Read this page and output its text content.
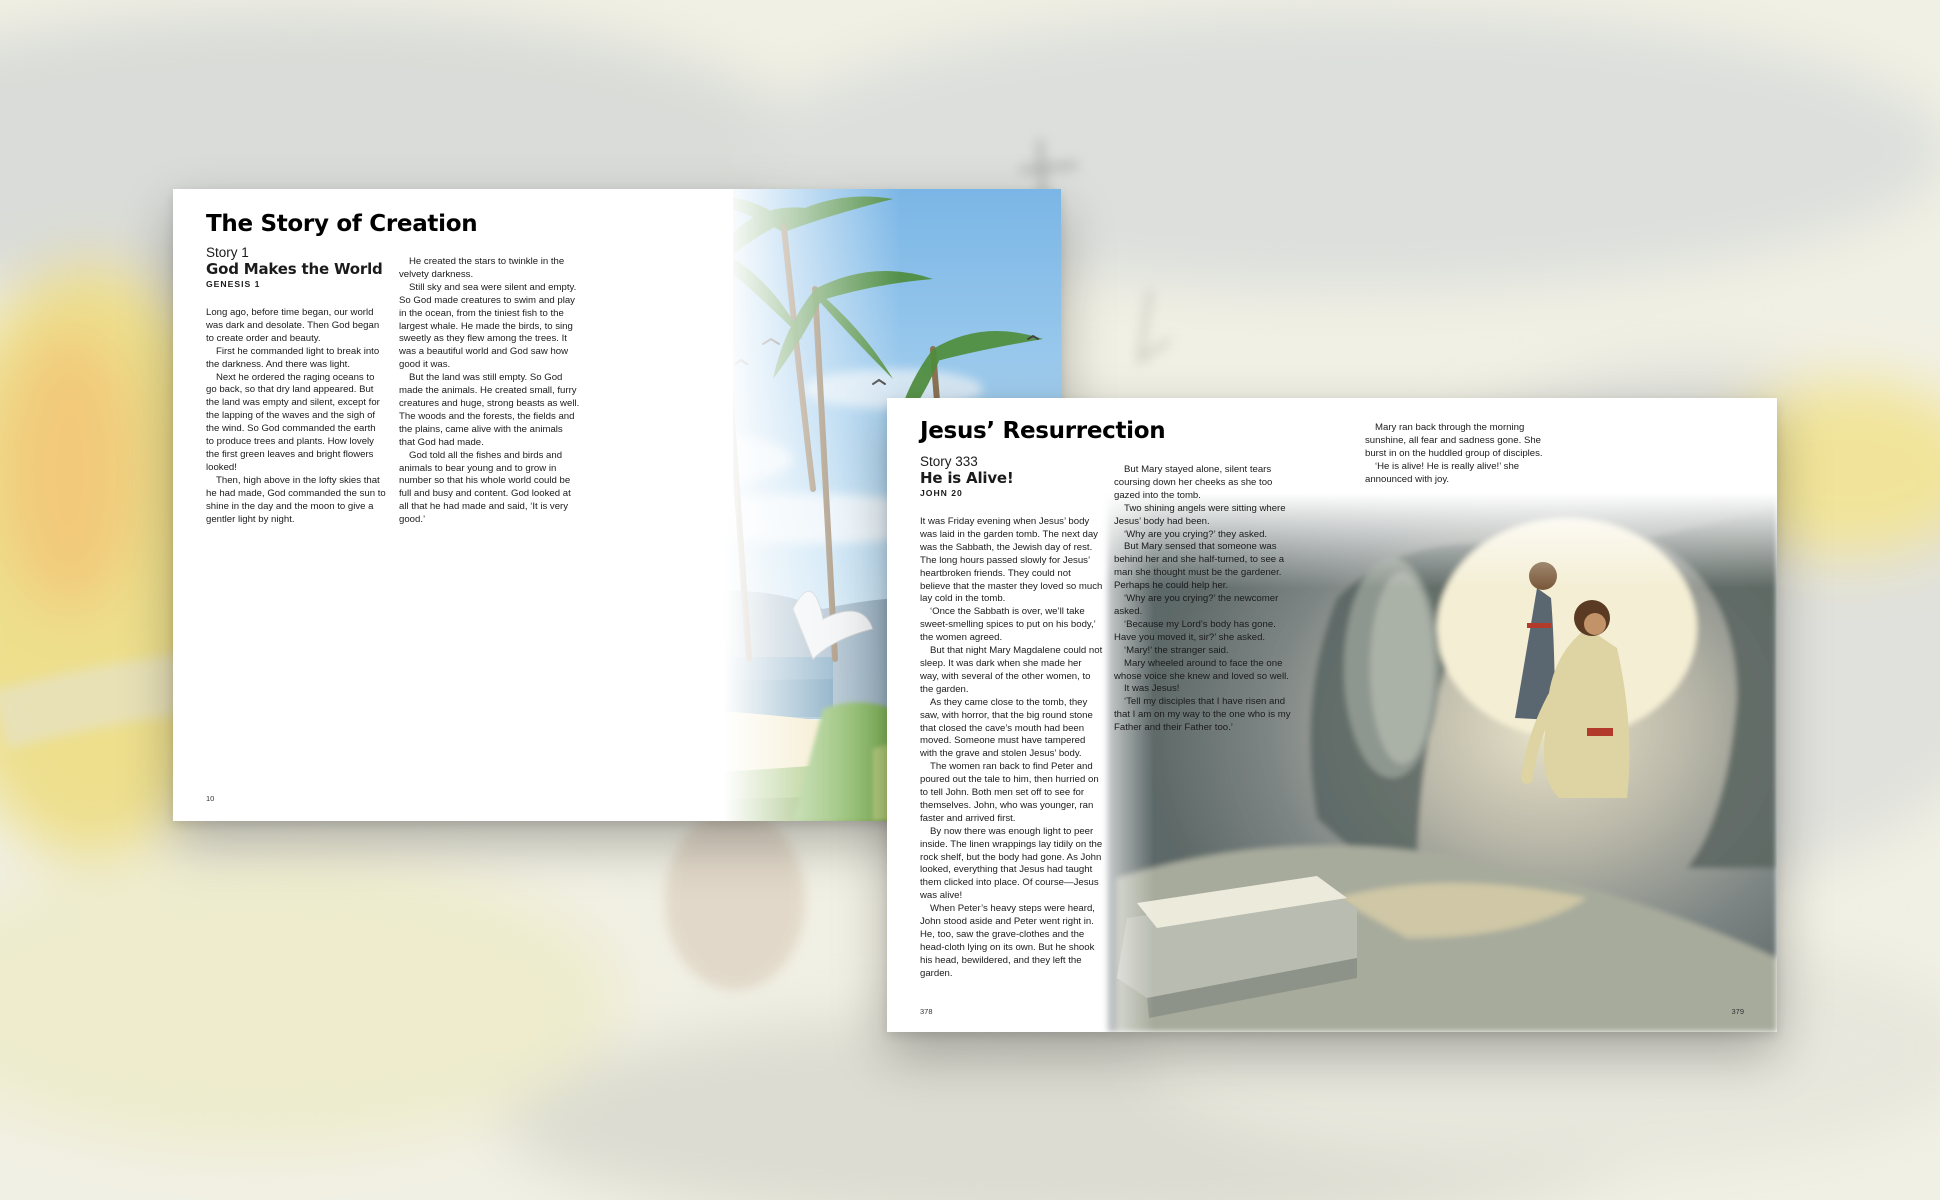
The Story of Creation
Story 1
God Makes the World
GENESIS 1

Long ago, before time began, our world was dark and desolate. Then God began to create order and beauty.

First he commanded light to break into the darkness. And there was light.

Next he ordered the raging oceans to go back, so that dry land appeared. But the land was empty and silent, except for the lapping of the waves and the sigh of the wind. So God commanded the earth to produce trees and plants. How lovely the first green leaves and bright flowers looked!

Then, high above in the lofty skies that he had made, God commanded the sun to shine in the day and the moon to give a gentler light by night.

He created the stars to twinkle in the velvety darkness.

Still sky and sea were silent and empty. So God made creatures to swim and play in the ocean, from the tiniest fish to the largest whale. He made the birds, to sing sweetly as they flew among the trees. It was a beautiful world and God saw how good it was.

But the land was still empty. So God made the animals. He created small, furry creatures and huge, strong beasts as well. The woods and the forests, the fields and the plains, came alive with the animals that God had made.

God told all the fishes and birds and animals to bear young and to grow in number so that his whole world could be full and busy and content. God looked at all that he had made and said, ‘It is very good.’

10
Jesus’ Resurrection
Story 333
He is Alive!
JOHN 20

It was Friday evening when Jesus’ body was laid in the garden tomb. The next day was the Sabbath, the Jewish day of rest. The long hours passed slowly for Jesus’ heartbroken friends. They could not believe that the master they loved so much lay cold in the tomb.

‘Once the Sabbath is over, we’ll take sweet-smelling spices to put on his body,’ the women agreed.

But that night Mary Magdalene could not sleep. It was dark when she made her way, with several of the other women, to the garden.

As they came close to the tomb, they saw, with horror, that the big round stone that closed the cave’s mouth had been moved. Someone must have tampered with the grave and stolen Jesus’ body.

The women ran back to find Peter and poured out the tale to him, then hurried on to tell John. Both men set off to see for themselves. John, who was younger, ran faster and arrived first.

By now there was enough light to peer inside. The linen wrappings lay tidily on the rock shelf, but the body had gone. As John looked, everything that Jesus had taught them clicked into place. Of course—Jesus was alive!

When Peter’s heavy steps were heard, John stood aside and Peter went right in. He, too, saw the grave-clothes and the head-cloth lying on its own. But he shook his head, bewildered, and they left the garden.

But Mary stayed alone, silent tears coursing down her cheeks as she too gazed into the tomb.

Two shining angels were sitting where Jesus’ body had been.

‘Why are you crying?’ they asked.

But Mary sensed that someone was behind her and she half-turned, to see a man she thought must be the gardener. Perhaps he could help her.

‘Why are you crying?’ the newcomer asked.

‘Because my Lord’s body has gone. Have you moved it, sir?’ she asked.

‘Mary!’ the stranger said.

Mary wheeled around to face the one whose voice she knew and loved so well.

It was Jesus!

‘Tell my disciples that I have risen and that I am on my way to the one who is my Father and their Father too.’

Mary ran back through the morning sunshine, all fear and sadness gone. She burst in on the huddled group of disciples.

‘He is alive! He is really alive!’ she announced with joy.

378	379
